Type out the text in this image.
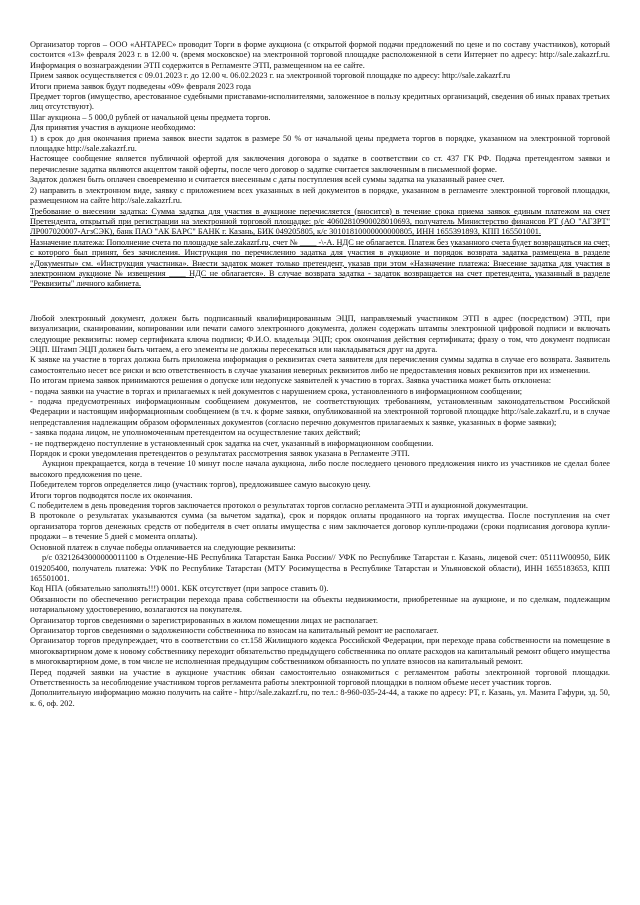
Организатор торгов – ООО «АНТАРЕС» проводит Торги в форме аукциона (с открытой формой подачи предложений по цене и по составу участников), который состоится «13» февраля 2023 г. в 12.00 ч. (время московское) на электронной торговой площадке расположенной в сети Интернет по адресу: http://sale.zakazrf.ru. Информация о вознаграждении ЭТП содержится в Регламенте ЭТП, размещенном на ее сайте.

Прием заявок осуществляется с 09.01.2023 г. до 12.00 ч. 06.02.2023 г. на электронной торговой площадке по адресу: http://sale.zakazrf.ru

Итоги приема заявок будут подведены «09» февраля 2023 года

Предмет торгов (имущество, арестованное судебными приставами-исполнителями, заложенное в пользу кредитных организаций, сведения об иных правах третьих лиц отсутствуют).

Шаг аукциона – 5 000,0 рублей от начальной цены предмета торгов.

Для принятия участия в аукционе необходимо:

1) в срок до дня окончания приема заявок внести задаток в размере 50 % от начальной цены предмета торгов в порядке, указанном на электронной торговой площадке http://sale.zakazrf.ru.

Настоящее сообщение является публичной офертой для заключения договора о задатке в соответствии со ст. 437 ГК РФ. Подача претендентом заявки и перечисление задатка являются акцептом такой оферты, после чего договор о задатке считается заключенным в письменной форме.

Задаток должен быть оплачен своевременно и считается внесенным с даты поступления всей суммы задатка на указанный ранее счет.

2) направить в электронном виде, заявку с приложением всех указанных в ней документов в порядке, указанном в регламенте электронной торговой площадки, размещенном на сайте http://sale.zakazrf.ru.

Требование о внесении задатка: Сумма задатка для участия в аукционе перечисляется (вносится) в течение срока приема заявок единым платежом на счет Претендента, открытый при регистрации на электронной торговой площадке: р/с 40602810900028010693, получатель Министерство финансов РТ (АО "АГЗРТ" ЛР007020007-АгзСЭК), банк ПАО "АК БАРС" БАНК г. Казань, БИК 049205805, к/с 30101810000000000805, ИНН 1655391893, КПП 165501001.

Назначение платежа: Пополнение счета по площадке sale.zakazrf.ru, счет № ____ -\-А. НДС не облагается. Платеж без указанного счета будет возвращаться на счет, с которого был принят, без зачисления. Инструкция по перечислению задатка для участия в аукционе и порядок возврата задатка размещена в разделе «Документы» см. «Инструкция участника». Внести задаток может только претендент, указав при этом «Назначение платежа: Внесение задатка для участия в электронном аукционе № извещения ____ НДС не облагается». В случае возврата задатка - задаток возвращается на счет претендента, указанный в разделе "Реквизиты" личного кабинета.

Любой электронный документ, должен быть подписанный квалифицированным ЭЦП, направляемый участником ЭТП в адрес (посредством) ЭТП, при визуализации, сканировании, копировании или печати самого электронного документа, должен содержать штампы электронной цифровой подписи и включать следующие реквизиты: номер сертификата ключа подписи; Ф.И.О. владельца ЭЦП; срок окончания действия сертификата; фразу о том, что документ подписан ЭЦП. Штамп ЭЦП должен быть читаем, а его элементы не должны пересекаться или накладываться друг на друга.

К заявке на участие в торгах должна быть приложена информация о реквизитах счета заявителя для перечисления суммы задатка в случае его возврата. Заявитель самостоятельно несет все риски и всю ответственность в случае указания неверных реквизитов либо не предоставления новых реквизитов при их изменении.

По итогам приема заявок принимаются решения о допуске или недопуске заявителей к участию в торгах. Заявка участника может быть отклонена:

- подача заявки на участие в торгах и прилагаемых к ней документов с нарушением срока, установленного в информационном сообщении;

- подача предусмотренных информационным сообщением документов, не соответствующих требованиям, установленным законодательством Российской Федерации и настоящим информационным сообщением (в т.ч. к форме заявки, опубликованной на электронной торговой площадке http://sale.zakazrf.ru, и в случае непредставления надлежащим образом оформленных документов (согласно перечню документов прилагаемых к заявке, указанных в форме заявки);

- заявка подана лицом, не уполномоченным претендентом на осуществление таких действий;

- не подтверждено поступление в установленный срок задатка на счет, указанный в информационном сообщении.

Порядок и сроки уведомления претендентов о результатах рассмотрения заявок указана в Регламенте ЭТП.

Аукцион прекращается, когда в течение 10 минут после начала аукциона, либо после последнего ценового предложения никто из участников не сделал более высокого предложения по цене.

Победителем торгов определяется лицо (участник торгов), предложившее самую высокую цену.

Итоги торгов подводятся после их окончания.

С победителем в день проведения торгов заключается протокол о результатах торгов согласно регламента ЭТП и аукционной документации.

В протоколе о результатах указываются сумма (за вычетом задатка), срок и порядок оплаты проданного на торгах имущества. После поступления на счет организатора торгов денежных средств от победителя в счет оплаты имущества с ним заключается договор купли-продажи (сроки подписания договора купли-продажи – в течение 5 дней с момента оплаты).

Основной платеж в случае победы оплачивается на следующие реквизиты:

р/с 03212643000000011100 в Отделение-НБ Республика Татарстан Банка России// УФК по Республике Татарстан г. Казань, лицевой счет: 05111W00950, БИК 019205400, получатель платежа: УФК по Республике Татарстан (МТУ Росимущества в Республике Татарстан и Ульяновской области), ИНН 1655183653, КПП 165501001.

Код НПА (обязательно заполнять!!!) 0001. КБК отсутствует (при запросе ставить 0).

Обязанности по обеспечению регистрации перехода права собственности на объекты недвижимости, приобретенные на аукционе, и по сделкам, подлежащим нотариальному удостоверению, возлагаются на покупателя.

Организатор торгов сведениями о зарегистрированных в жилом помещении лицах не располагает.

Организатор торгов сведениями о задолженности собственника по взносам на капитальный ремонт не располагает.

Организатор торгов предупреждает, что в соответствии со ст.158 Жилищного кодекса Российской Федерации, при переходе права собственности на помещение в многоквартирном доме к новому собственнику переходит обязательство предыдущего собственника по оплате расходов на капитальный ремонт общего имущества в многоквартирном доме, в том числе не исполненная предыдущим собственником обязанность по уплате взносов на капитальный ремонт.

Перед подачей заявки на участие в аукционе участник обязан самостоятельно ознакомиться с регламентом работы электронной торговой площадки. Ответственность за несоблюдение участником торгов регламента работы электронной торговой площадки в полном объеме несет участник торгов.

Дополнительную информацию можно получить на сайте - http://sale.zakazrf.ru, по тел.: 8-960-035-24-44, а также по адресу: РТ, г. Казань, ул. Мазита Гафури, зд. 50, к. 6, оф. 202.
